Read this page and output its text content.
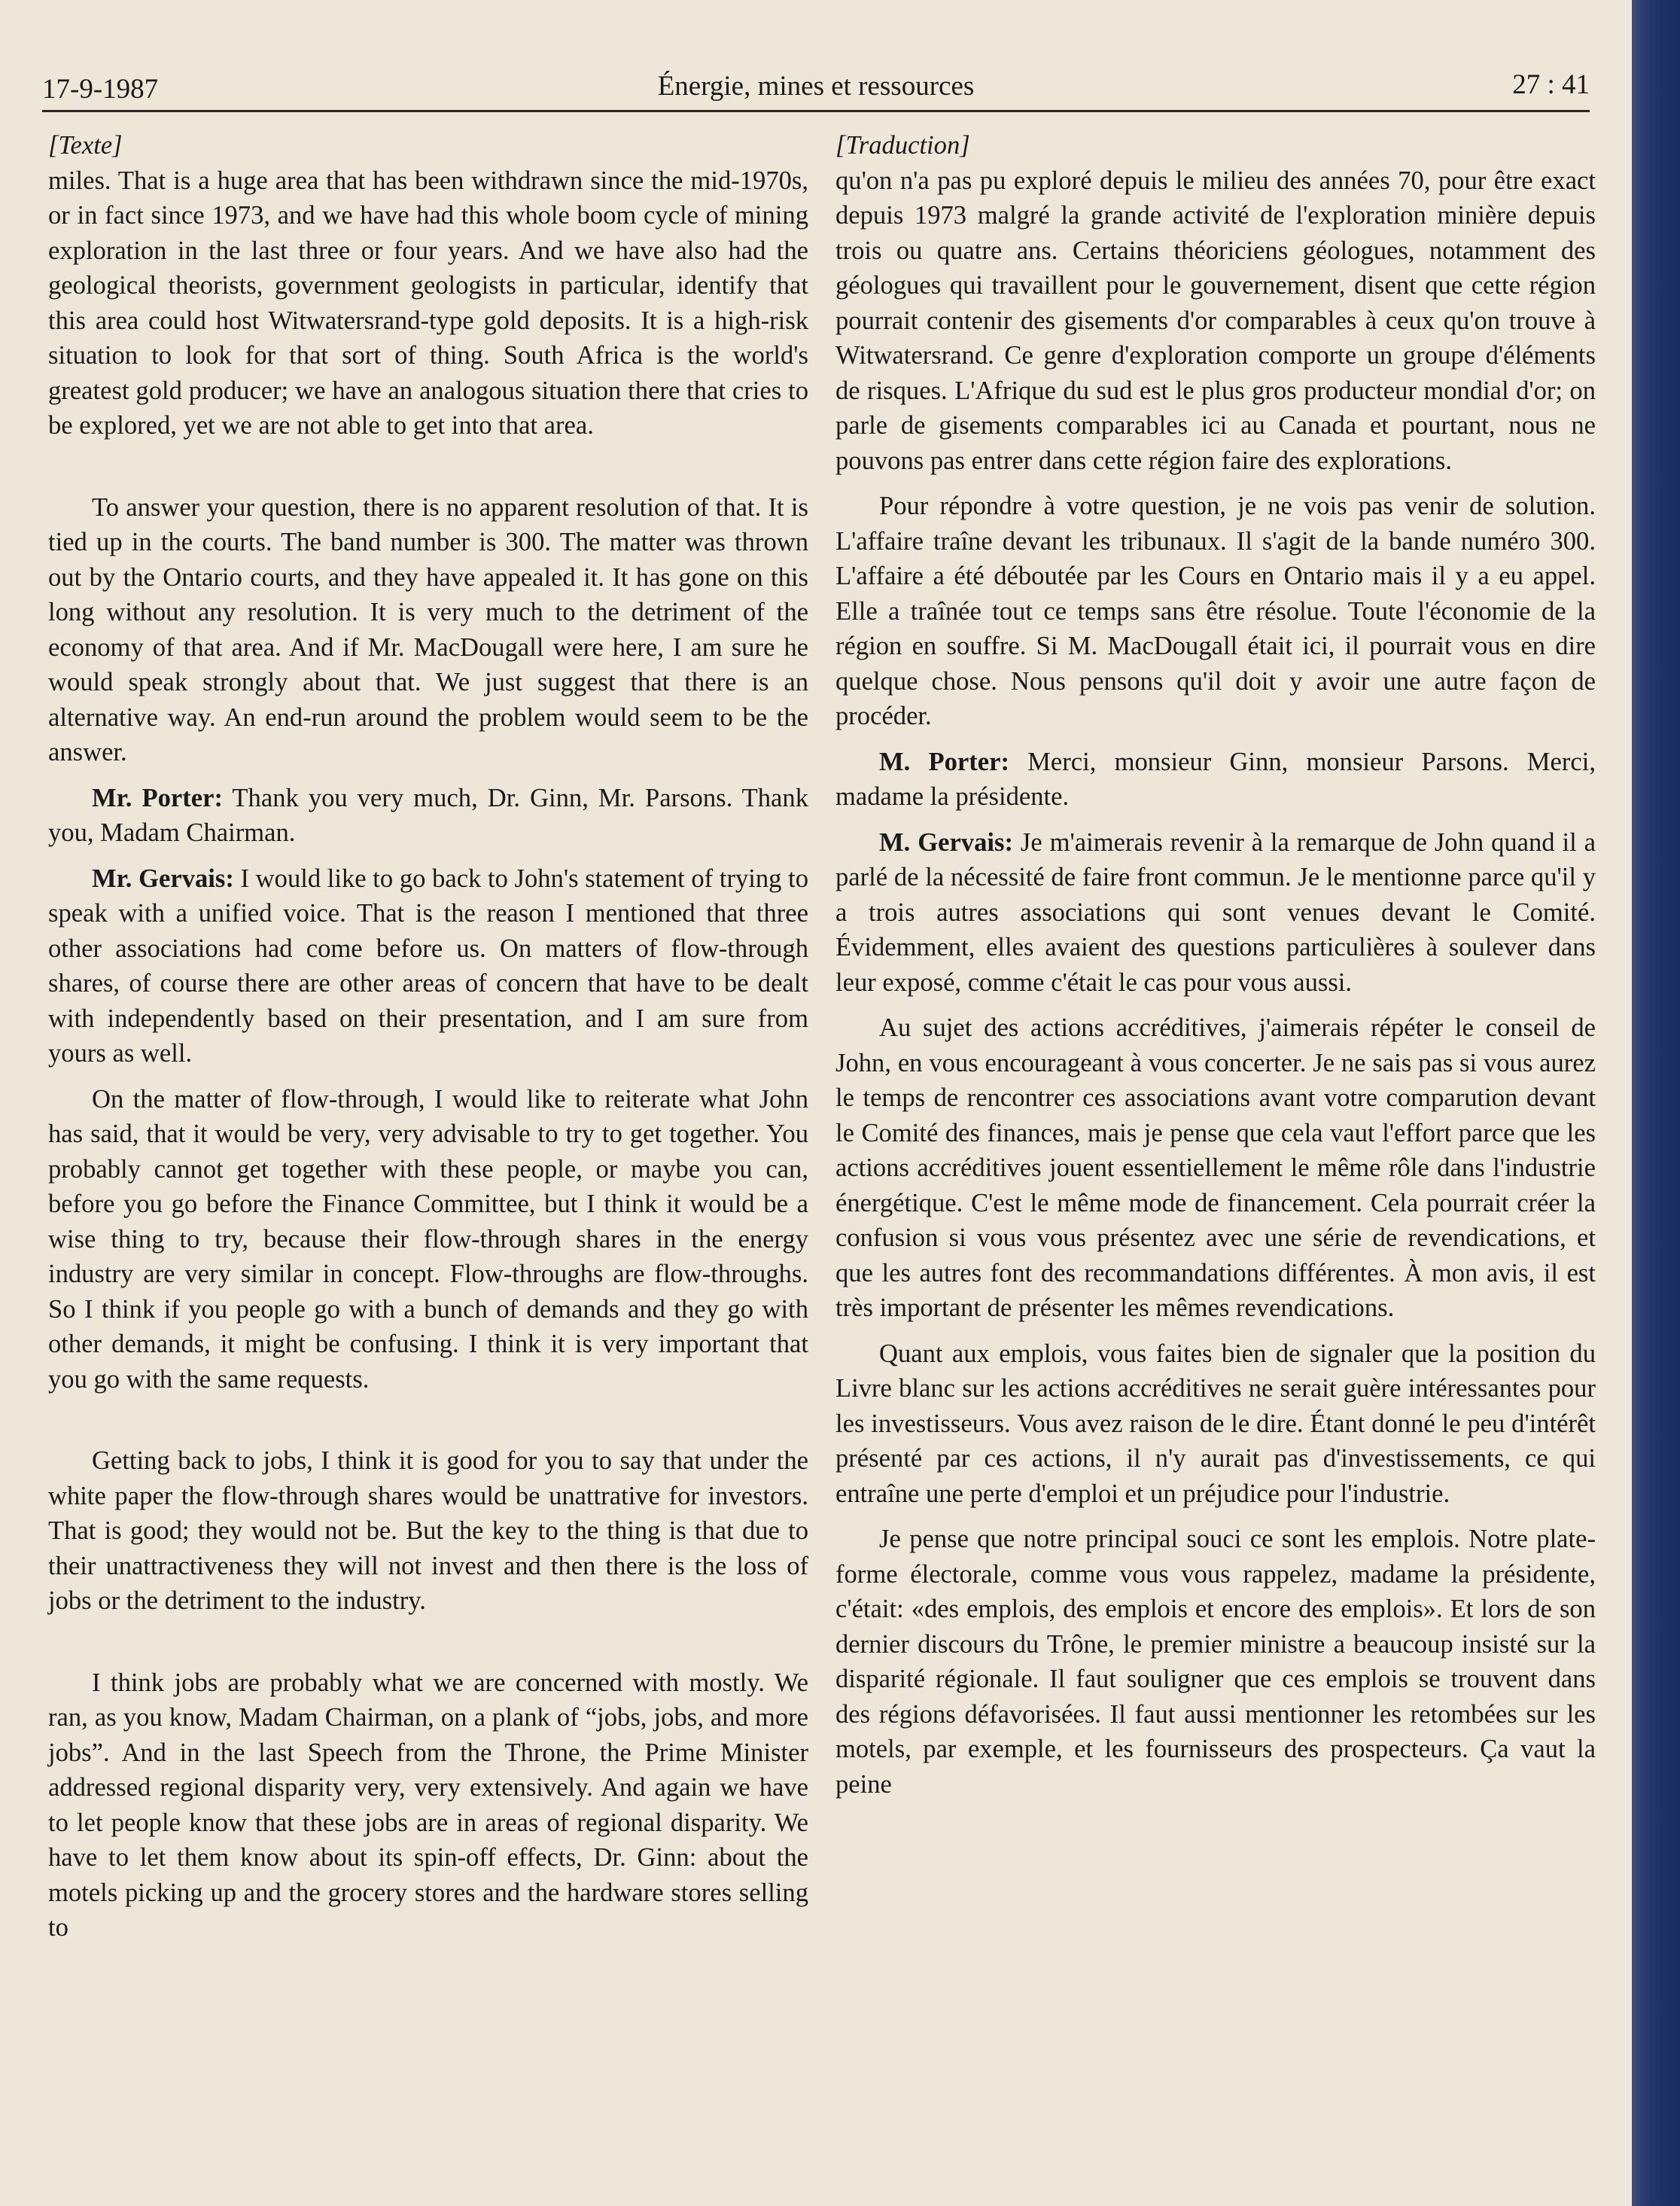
17-9-1987	Énergie, mines et ressources	27 : 41
[Texte]

miles. That is a huge area that has been withdrawn since the mid-1970s, or in fact since 1973, and we have had this whole boom cycle of mining exploration in the last three or four years. And we have also had the geological theorists, government geologists in particular, identify that this area could host Witwatersrand-type gold deposits. It is a high-risk situation to look for that sort of thing. South Africa is the world's greatest gold producer; we have an analogous situation there that cries to be explored, yet we are not able to get into that area.

To answer your question, there is no apparent resolution of that. It is tied up in the courts. The band number is 300. The matter was thrown out by the Ontario courts, and they have appealed it. It has gone on this long without any resolution. It is very much to the detriment of the economy of that area. And if Mr. MacDougall were here, I am sure he would speak strongly about that. We just suggest that there is an alternative way. An end-run around the problem would seem to be the answer.

Mr. Porter: Thank you very much, Dr. Ginn, Mr. Parsons. Thank you, Madam Chairman.

Mr. Gervais: I would like to go back to John's statement of trying to speak with a unified voice. That is the reason I mentioned that three other associations had come before us. On matters of flow-through shares, of course there are other areas of concern that have to be dealt with independently based on their presentation, and I am sure from yours as well.

On the matter of flow-through, I would like to reiterate what John has said, that it would be very, very advisable to try to get together. You probably cannot get together with these people, or maybe you can, before you go before the Finance Committee, but I think it would be a wise thing to try, because their flow-through shares in the energy industry are very similar in concept. Flow-throughs are flow-throughs. So I think if you people go with a bunch of demands and they go with other demands, it might be confusing. I think it is very important that you go with the same requests.

Getting back to jobs, I think it is good for you to say that under the white paper the flow-through shares would be unattrative for investors. That is good; they would not be. But the key to the thing is that due to their unattractiveness they will not invest and then there is the loss of jobs or the detriment to the industry.

I think jobs are probably what we are concerned with mostly. We ran, as you know, Madam Chairman, on a plank of “jobs, jobs, and more jobs”. And in the last Speech from the Throne, the Prime Minister addressed regional disparity very, very extensively. And again we have to let people know that these jobs are in areas of regional disparity. We have to let them know about its spin-off effects, Dr. Ginn: about the motels picking up and the grocery stores and the hardware stores selling to

[Traduction]

qu'on n'a pas pu exploré depuis le milieu des années 70, pour être exact depuis 1973 malgré la grande activité de l'exploration minière depuis trois ou quatre ans. Certains théoriciens géologues, notamment des géologues qui travaillent pour le gouvernement, disent que cette région pourrait contenir des gisements d'or comparables à ceux qu'on trouve à Witwatersrand. Ce genre d'exploration comporte un groupe d'éléments de risques. L'Afrique du sud est le plus gros producteur mondial d'or; on parle de gisements comparables ici au Canada et pourtant, nous ne pouvons pas entrer dans cette région faire des explorations.

Pour répondre à votre question, je ne vois pas venir de solution. L'affaire traîne devant les tribunaux. Il s'agit de la bande numéro 300. L'affaire a été déboutée par les Cours en Ontario mais il y a eu appel. Elle a traînée tout ce temps sans être résolue. Toute l'économie de la région en souffre. Si M. MacDougall était ici, il pourrait vous en dire quelque chose. Nous pensons qu'il doit y avoir une autre façon de procéder.

M. Porter: Merci, monsieur Ginn, monsieur Parsons. Merci, madame la présidente.

M. Gervais: Je m'aimerais revenir à la remarque de John quand il a parlé de la nécessité de faire front commun. Je le mentionne parce qu'il y a trois autres associations qui sont venues devant le Comité. Évidemment, elles avaient des questions particulières à soulever dans leur exposé, comme c'était le cas pour vous aussi.

Au sujet des actions accréditives, j'aimerais répéter le conseil de John, en vous encourageant à vous concerter. Je ne sais pas si vous aurez le temps de rencontrer ces associations avant votre comparution devant le Comité des finances, mais je pense que cela vaut l'effort parce que les actions accréditives jouent essentiellement le même rôle dans l'industrie énergétique. C'est le même mode de financement. Cela pourrait créer la confusion si vous vous présentez avec une série de revendications, et que les autres font des recommandations différentes. À mon avis, il est très important de présenter les mêmes revendications.

Quant aux emplois, vous faites bien de signaler que la position du Livre blanc sur les actions accréditives ne serait guère intéressantes pour les investisseurs. Vous avez raison de le dire. Étant donné le peu d'intérêt présenté par ces actions, il n'y aurait pas d'investissements, ce qui entraîne une perte d'emploi et un préjudice pour l'industrie.

Je pense que notre principal souci ce sont les emplois. Notre plate-forme électorale, comme vous vous rappelez, madame la présidente, c'était: «des emplois, des emplois et encore des emplois». Et lors de son dernier discours du Trône, le premier ministre a beaucoup insisté sur la disparité régionale. Il faut souligner que ces emplois se trouvent dans des régions défavorisées. Il faut aussi mentionner les retombées sur les motels, par exemple, et les fournisseurs des prospecteurs. Ça vaut la peine
